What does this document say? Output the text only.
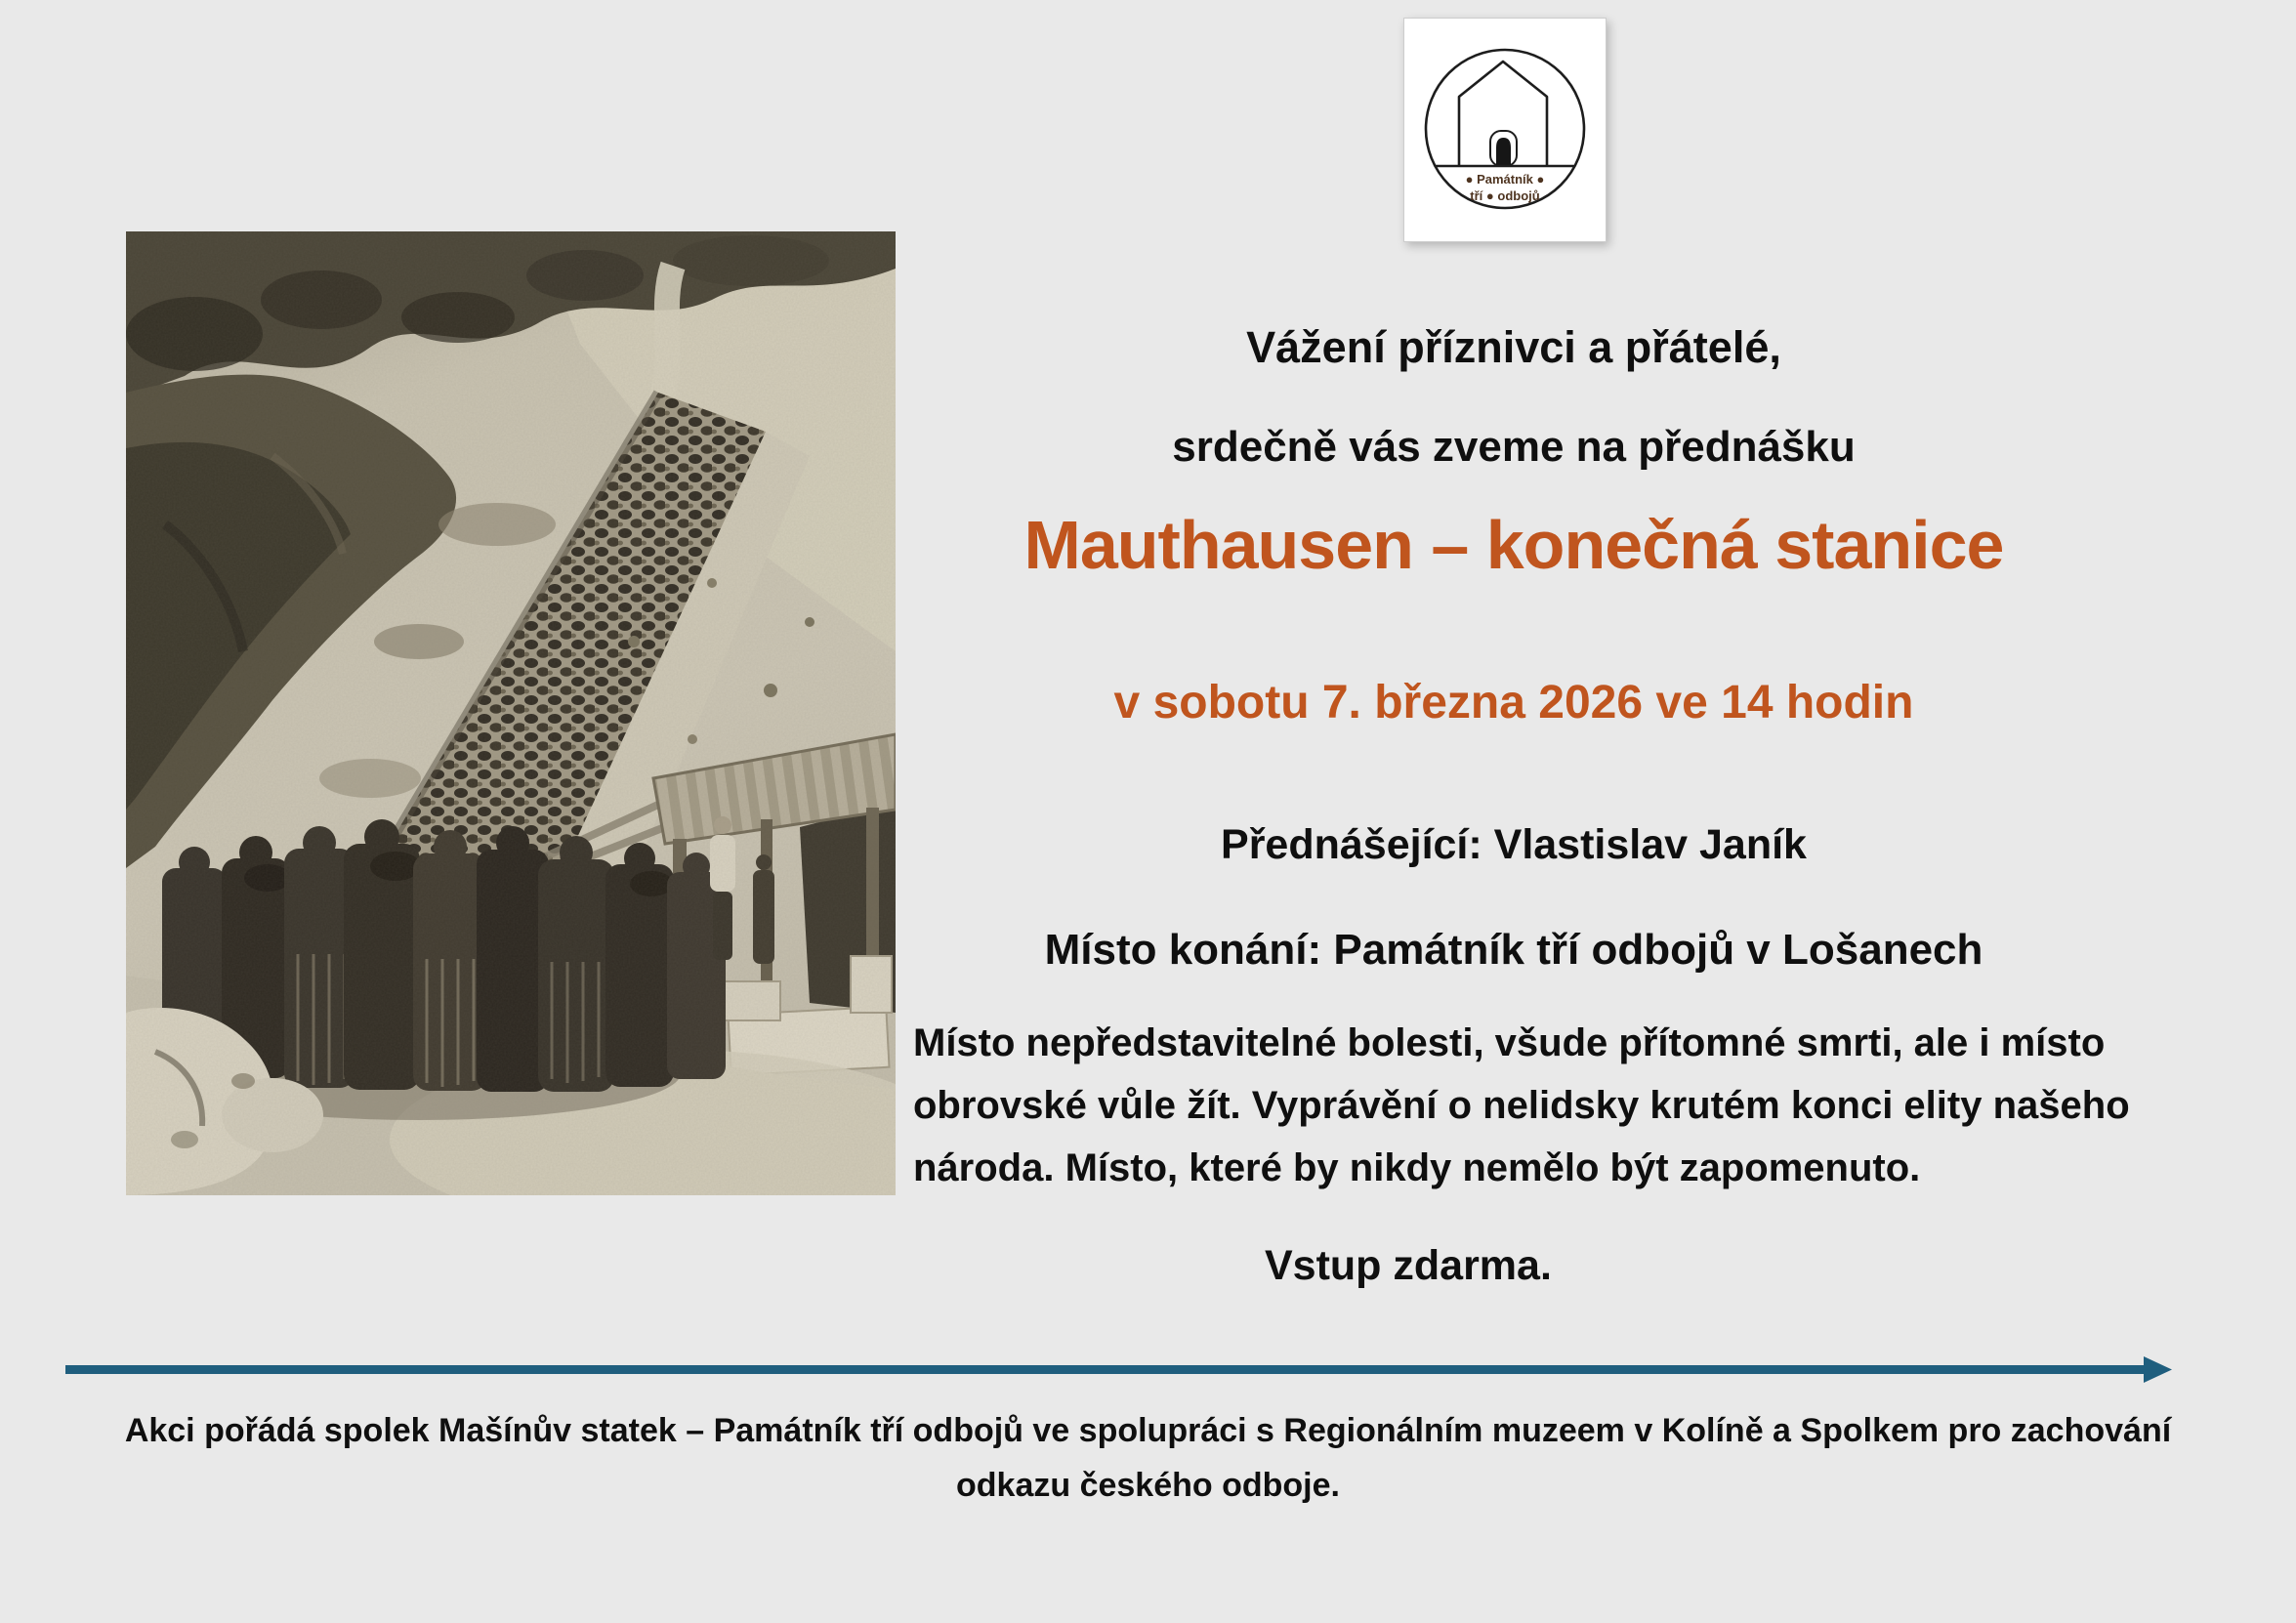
● Památník ●
tří ● odbojů
Vážení příznivci a přátelé,
srdečně vás zveme na přednášku
Mauthausen – konečná stanice
v sobotu 7. března 2026 ve 14 hodin
Přednášející: Vlastislav Janík
Místo konání: Památník tří odbojů v Lošanech
Místo nepředstavitelné bolesti, všude přítomné smrti, ale i místo
obrovské vůle žít. Vyprávění o nelidsky krutém konci elity našeho
národa. Místo, které by nikdy nemělo být zapomenuto.
Vstup zdarma.
Akci pořádá spolek Mašínův statek – Památník tří odbojů ve spolupráci s Regionálním muzeem v Kolíně a Spolkem pro zachování
odkazu českého odboje.
